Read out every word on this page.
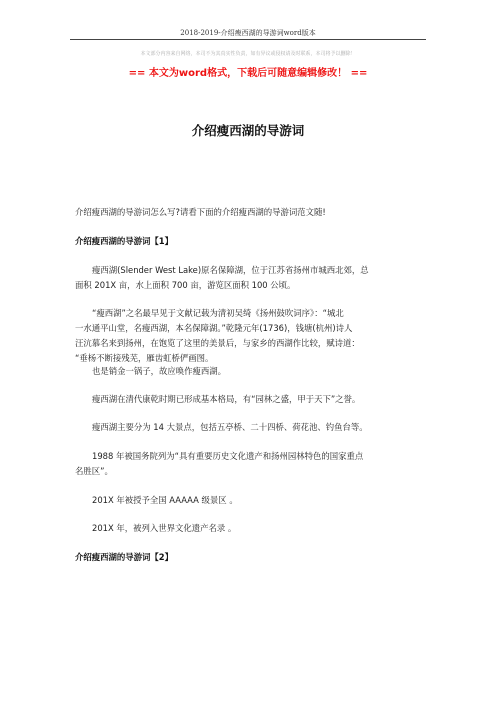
2018-2019-介绍瘦西湖的导游词word版本
本文部分内容来自网络，本司不为其真实性负责，如有异议或侵权请及时联系，本司将予以删除！
== 本文为word格式，下载后可随意编辑修改！ ==
介绍瘦西湖的导游词
介绍瘦西湖的导游词怎么写?请看下面的介绍瘦西湖的导游词范文随!
介绍瘦西湖的导游词【1】
瘦西湖(Slender West Lake)原名保障湖，位于江苏省扬州市城西北郊，总
面积 201X 亩，水上面积 700 亩，游览区面积 100 公顷。
“瘦西湖”之名最早见于文献记载为清初吴绮《扬州鼓吹词序》：“城北
一水通平山堂，名瘦西湖，本名保障湖。”乾隆元年(1736)，钱塘(杭州)诗人
汪沆慕名来到扬州，在饱览了这里的美景后，与家乡的西湖作比较，赋诗道：
“垂杨不断接残芜，雁齿虹桥俨画图。
也是销金一锅子，故应唤作瘦西湖。
瘦西湖在清代康乾时期已形成基本格局，有“园林之盛，甲于天下”之誉。
瘦西湖主要分为 14 大景点，包括五亭桥、二十四桥、荷花池、钓鱼台等。
1988 年被国务院列为“具有重要历史文化遗产和扬州园林特色的国家重点
名胜区”。
201X 年被授予全国 AAAAA 级景区 。
201X 年，被列入世界文化遗产名录 。
介绍瘦西湖的导游词【2】
